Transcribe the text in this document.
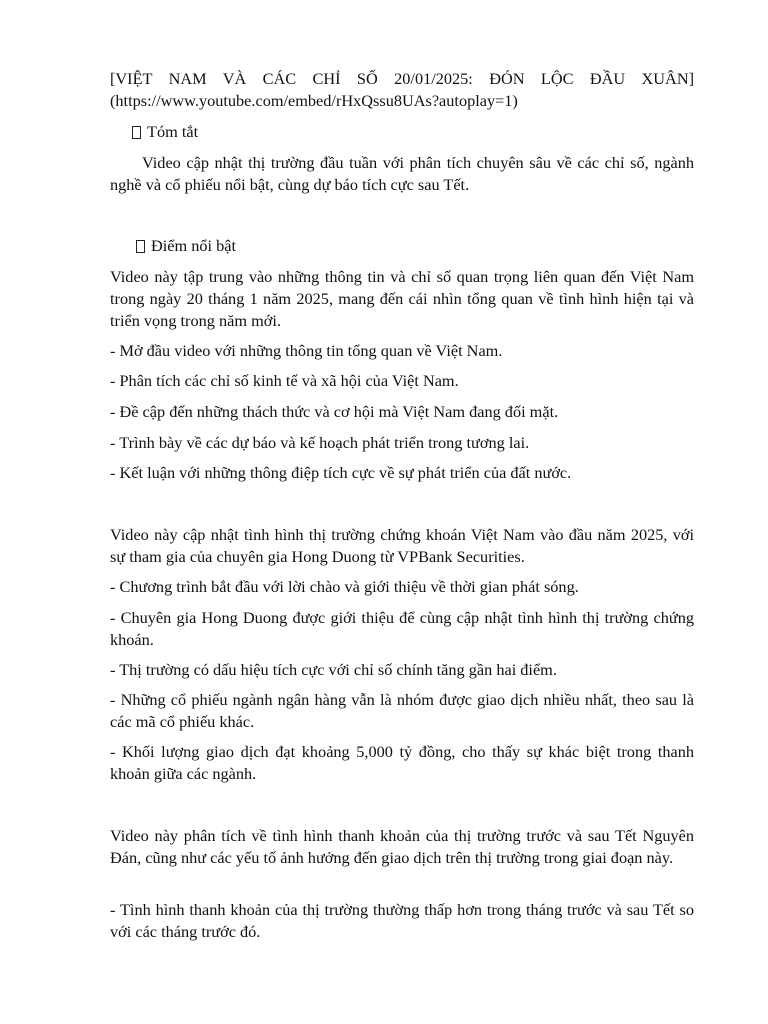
[VIỆT NAM VÀ CÁC CHỈ SỐ 20/01/2025: ĐÓN LỘC ĐẦU XUÂN]

(https://www.youtube.com/embed/rHxQssu8UAs?autoplay=1)

Tóm tắt

Video cập nhật thị trường đầu tuần với phân tích chuyên sâu về các chỉ số, ngành nghề và cổ phiếu nổi bật, cùng dự báo tích cực sau Tết.

Điểm nổi bật

Video này tập trung vào những thông tin và chỉ số quan trọng liên quan đến Việt Nam trong ngày 20 tháng 1 năm 2025, mang đến cái nhìn tổng quan về tình hình hiện tại và triển vọng trong năm mới.

- Mở đầu video với những thông tin tổng quan về Việt Nam.

- Phân tích các chỉ số kinh tế và xã hội của Việt Nam.

- Đề cập đến những thách thức và cơ hội mà Việt Nam đang đối mặt.

- Trình bày về các dự báo và kế hoạch phát triển trong tương lai.

- Kết luận với những thông điệp tích cực về sự phát triển của đất nước.

Video này cập nhật tình hình thị trường chứng khoán Việt Nam vào đầu năm 2025, với sự tham gia của chuyên gia Hong Duong từ VPBank Securities.

- Chương trình bắt đầu với lời chào và giới thiệu về thời gian phát sóng.

- Chuyên gia Hong Duong được giới thiệu để cùng cập nhật tình hình thị trường chứng khoán.

- Thị trường có dấu hiệu tích cực với chỉ số chính tăng gần hai điểm.

- Những cổ phiếu ngành ngân hàng vẫn là nhóm được giao dịch nhiều nhất, theo sau là các mã cổ phiếu khác.

- Khối lượng giao dịch đạt khoảng 5,000 tỷ đồng, cho thấy sự khác biệt trong thanh khoản giữa các ngành.

Video này phân tích về tình hình thanh khoản của thị trường trước và sau Tết Nguyên Đán, cũng như các yếu tố ảnh hưởng đến giao dịch trên thị trường trong giai đoạn này.

- Tình hình thanh khoản của thị trường thường thấp hơn trong tháng trước và sau Tết so với các tháng trước đó.
